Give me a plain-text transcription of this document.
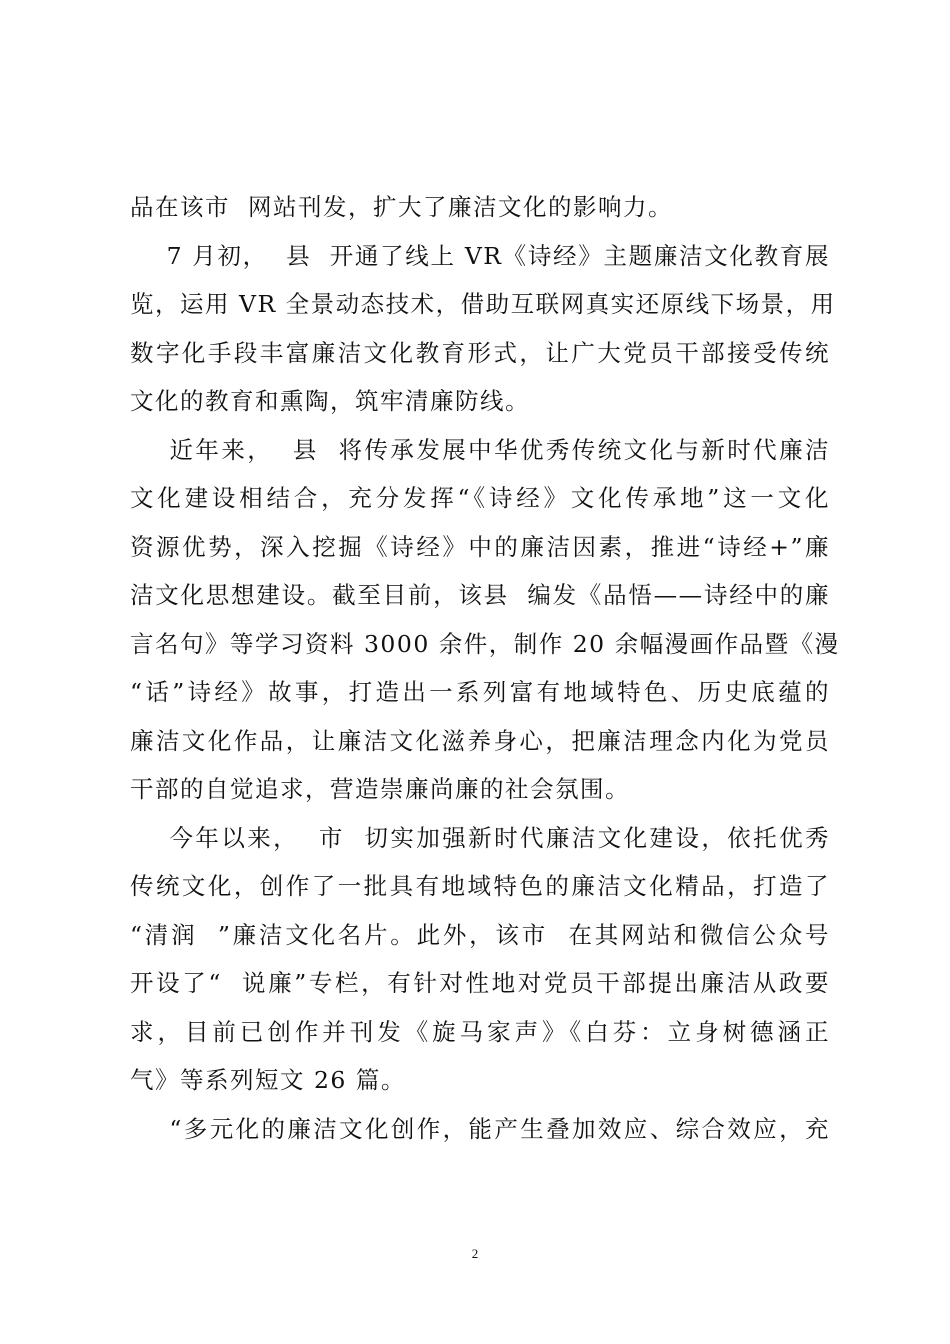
品在该市  网站刊发，扩大了廉洁文化的影响力。
7 月初，  县  开通了线上 VR《诗经》主题廉洁文化教育展
览，运用 VR 全景动态技术，借助互联网真实还原线下场景，用
数字化手段丰富廉洁文化教育形式，让广大党员干部接受传统
文化的教育和熏陶，筑牢清廉防线。
近年来，  县  将传承发展中华优秀传统文化与新时代廉洁
文化建设相结合，充分发挥“《诗经》文化传承地”这一文化
资源优势，深入挖掘《诗经》中的廉洁因素，推进“诗经+”廉
洁文化思想建设。截至目前，该县  编发《品悟——诗经中的廉
言名句》等学习资料 3000 余件，制作 20 余幅漫画作品暨《漫
“话”诗经》故事，打造出一系列富有地域特色、历史底蕴的
廉洁文化作品，让廉洁文化滋养身心，把廉洁理念内化为党员
干部的自觉追求，营造崇廉尚廉的社会氛围。
今年以来，  市  切实加强新时代廉洁文化建设，依托优秀
传统文化，创作了一批具有地域特色的廉洁文化精品，打造了
“清润  ”廉洁文化名片。此外，该市  在其网站和微信公众号
开设了“  说廉”专栏，有针对性地对党员干部提出廉洁从政要
求，目前已创作并刊发《旋马家声》《白芬：立身树德涵正
气》等系列短文 26 篇。
“多元化的廉洁文化创作，能产生叠加效应、综合效应，充
2
